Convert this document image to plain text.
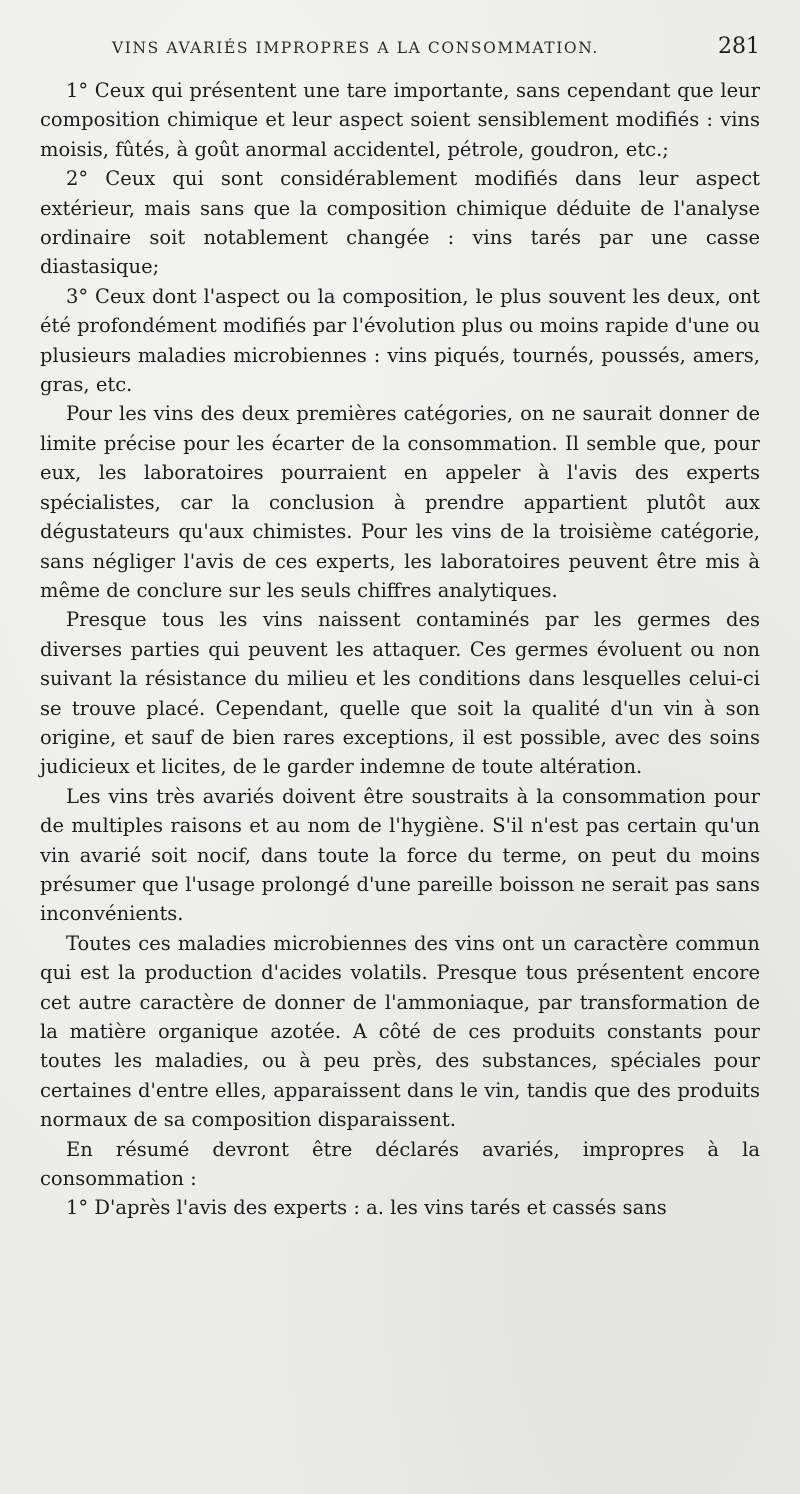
VINS AVARIÉS IMPROPRES A LA CONSOMMATION.	281

1° Ceux qui présentent une tare importante, sans cependant que leur composition chimique et leur aspect soient sensiblement modifiés : vins moisis, fûtés, à goût anormal accidentel, pétrole, goudron, etc.;

2° Ceux qui sont considérablement modifiés dans leur aspect extérieur, mais sans que la composition chimique déduite de l'analyse ordinaire soit notablement changée : vins tarés par une casse diastasique;

3° Ceux dont l'aspect ou la composition, le plus souvent les deux, ont été profondément modifiés par l'évolution plus ou moins rapide d'une ou plusieurs maladies microbiennes : vins piqués, tournés, poussés, amers, gras, etc.

Pour les vins des deux premières catégories, on ne saurait donner de limite précise pour les écarter de la consommation. Il semble que, pour eux, les laboratoires pourraient en appeler à l'avis des experts spécialistes, car la conclusion à prendre appartient plutôt aux dégustateurs qu'aux chimistes. Pour les vins de la troisième catégorie, sans négliger l'avis de ces experts, les laboratoires peuvent être mis à même de conclure sur les seuls chiffres analytiques.

Presque tous les vins naissent contaminés par les germes des diverses parties qui peuvent les attaquer. Ces germes évoluent ou non suivant la résistance du milieu et les conditions dans lesquelles celui-ci se trouve placé. Cependant, quelle que soit la qualité d'un vin à son origine, et sauf de bien rares exceptions, il est possible, avec des soins judicieux et licites, de le garder indemne de toute altération.

Les vins très avariés doivent être soustraits à la consommation pour de multiples raisons et au nom de l'hygiène. S'il n'est pas certain qu'un vin avarié soit nocif, dans toute la force du terme, on peut du moins présumer que l'usage prolongé d'une pareille boisson ne serait pas sans inconvénients.

Toutes ces maladies microbiennes des vins ont un caractère commun qui est la production d'acides volatils. Presque tous présentent encore cet autre caractère de donner de l'ammoniaque, par transformation de la matière organique azotée. A côté de ces produits constants pour toutes les maladies, ou à peu près, des substances, spéciales pour certaines d'entre elles, apparaissent dans le vin, tandis que des produits normaux de sa composition disparaissent.

En résumé devront être déclarés avariés, impropres à la consommation :

1° D'après l'avis des experts : a. les vins tarés et cassés sans
